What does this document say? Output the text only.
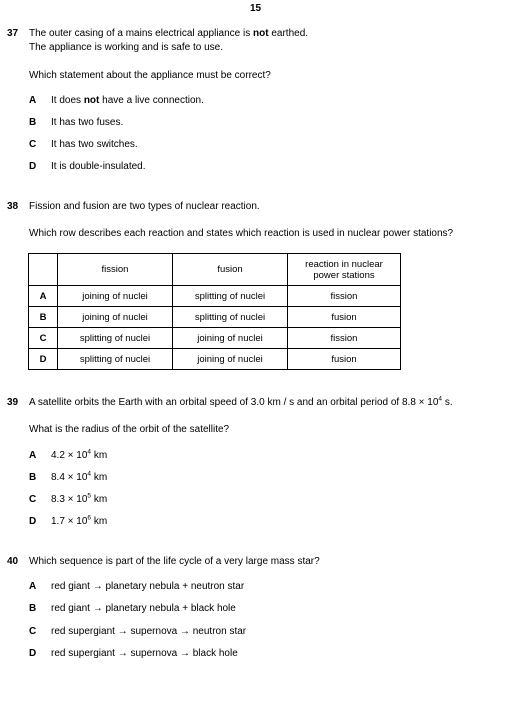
15
37 The outer casing of a mains electrical appliance is not earthed.
The appliance is working and is safe to use.
Which statement about the appliance must be correct?
A It does not have a live connection.
B It has two fuses.
C It has two switches.
D It is double-insulated.
38 Fission and fusion are two types of nuclear reaction.
Which row describes each reaction and states which reaction is used in nuclear power stations?
	fission	fusion	reaction in nuclear
power stations
A	joining of nuclei	splitting of nuclei	fission
B	joining of nuclei	splitting of nuclei	fusion
C	splitting of nuclei	joining of nuclei	fission
D	splitting of nuclei	joining of nuclei	fusion
39 A satellite orbits the Earth with an orbital speed of 3.0 km / s and an orbital period of $8.8 \times 10^4$ s.
What is the radius of the orbit of the satellite?
A $4.2 \times 10^4$ km
B $8.4 \times 10^4$ km
C $8.3 \times 10^5$ km
D $1.7 \times 10^6$ km
40 Which sequence is part of the life cycle of a very large mass star?
A red giant → planetary nebula + neutron star
B red giant → planetary nebula + black hole
C red supergiant → supernova → neutron star
D red supergiant → supernova → black hole
